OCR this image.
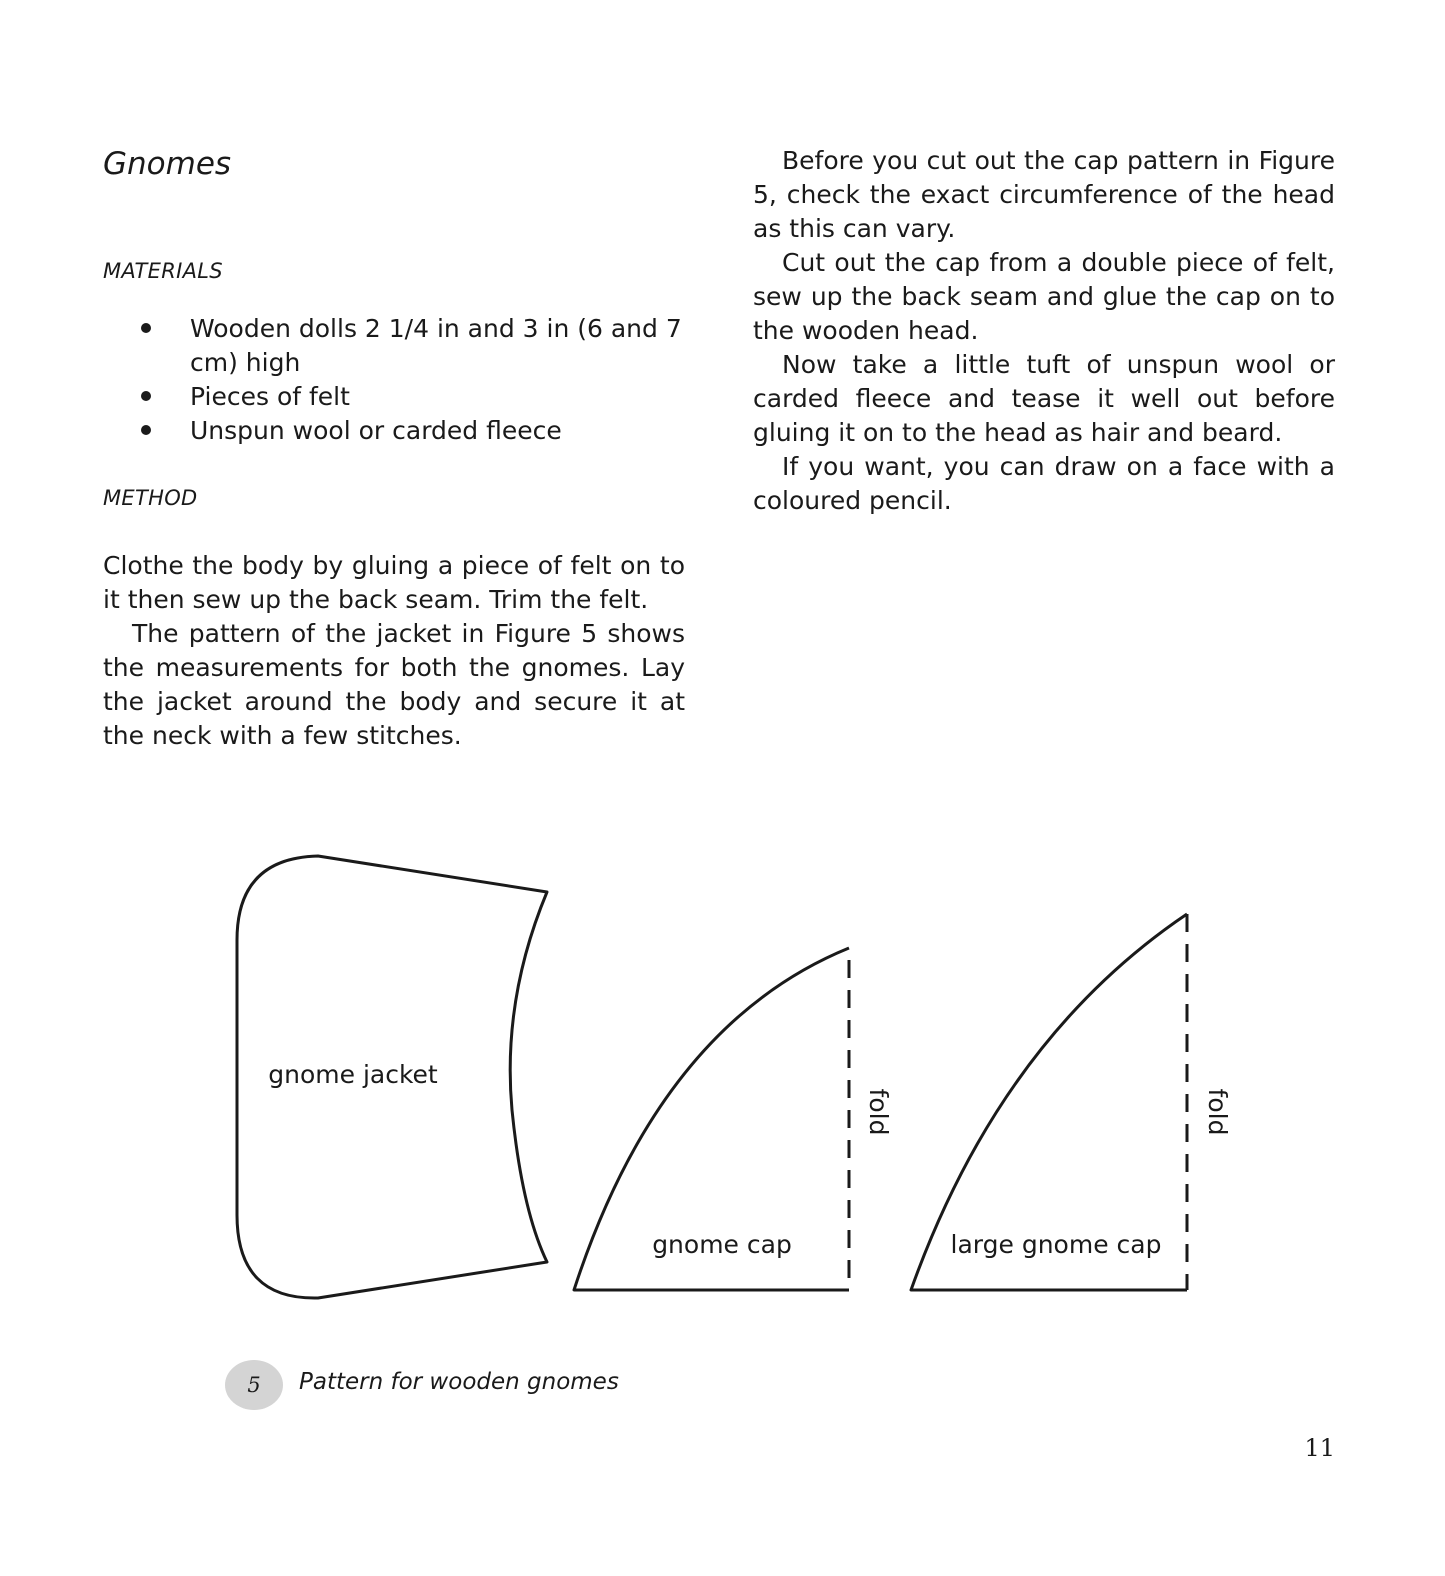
Gnomes
MATERIALS
Wooden dolls 2 1/4 in and 3 in (6 and 7 cm) high
Pieces of felt
Unspun wool or carded fleece
METHOD

Clothe the body by gluing a piece of felt on to it then sew up the back seam. Trim the felt.

The pattern of the jacket in Figure 5 shows the measurements for both the gnomes. Lay the jacket around the body and secure it at the neck with a few stitches.

Before you cut out the cap pattern in Figure 5, check the exact circumference of the head as this can vary.

Cut out the cap from a double piece of felt, sew up the back seam and glue the cap on to the wooden head.

Now take a little tuft of unspun wool or carded fleece and tease it well out before gluing it on to the head as hair and beard.

If you want, you can draw on a face with a coloured pencil.

gnome jacket
gnome cap	large gnome cap
fold	fold
5	Pattern for wooden gnomes
11
